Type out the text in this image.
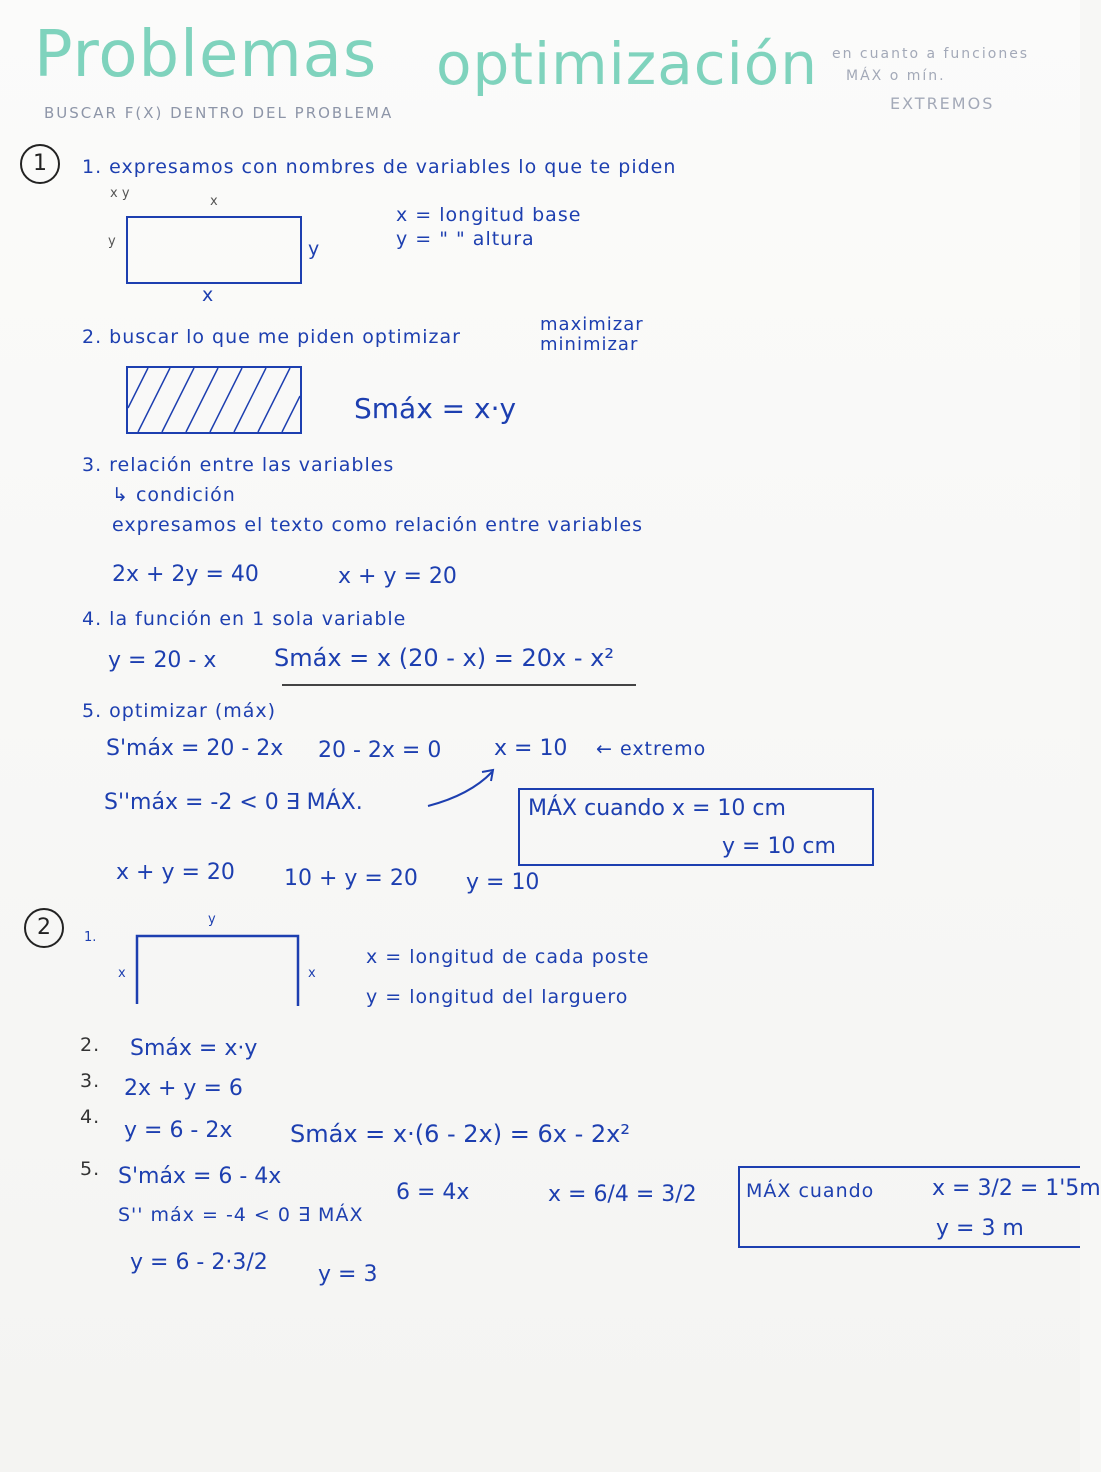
Problemas optimización en cuanto a funciones
MÁX o mín.
EXTREMOS
BUSCAR F(X) DENTRO DEL PROBLEMA
1	1. expresamos con nombres de variables lo que te piden
x y
x
y	y
x
x = longitud base
y = " " altura
2. buscar lo que me piden optimizar
maximizar
minimizar
Smáx = x·y
3. relación entre las variables
↳ condición
expresamos el texto como relación entre variables
2x + 2y = 40	x + y = 20
4. la función en 1 sola variable
y = 20 - x Smáx = x (20 - x) = 20x - x²
5. optimizar (máx)
S'máx = 20 - 2x 20 - 2x = 0 x = 10 ← extremo
S''máx = -2 < 0 ∃ MÁX.	MÁX cuando x = 10 cm
y = 10 cm
x + y = 20 10 + y = 20 y = 10
2	1.
y
x	x
x = longitud de cada poste
y = longitud del larguero
2. Smáx = x·y
3. 2x + y = 6
4.
y = 6 - 2x Smáx = x·(6 - 2x) = 6x - 2x²
5. S'máx = 6 - 4x
6 = 4x	x = 6/4 = 3/2
S'' máx = -4 < 0 ∃ MÁX
y = 6 - 2·3/2 y = 3
MÁX cuando	x = 3/2 = 1'5m
y = 3 m
